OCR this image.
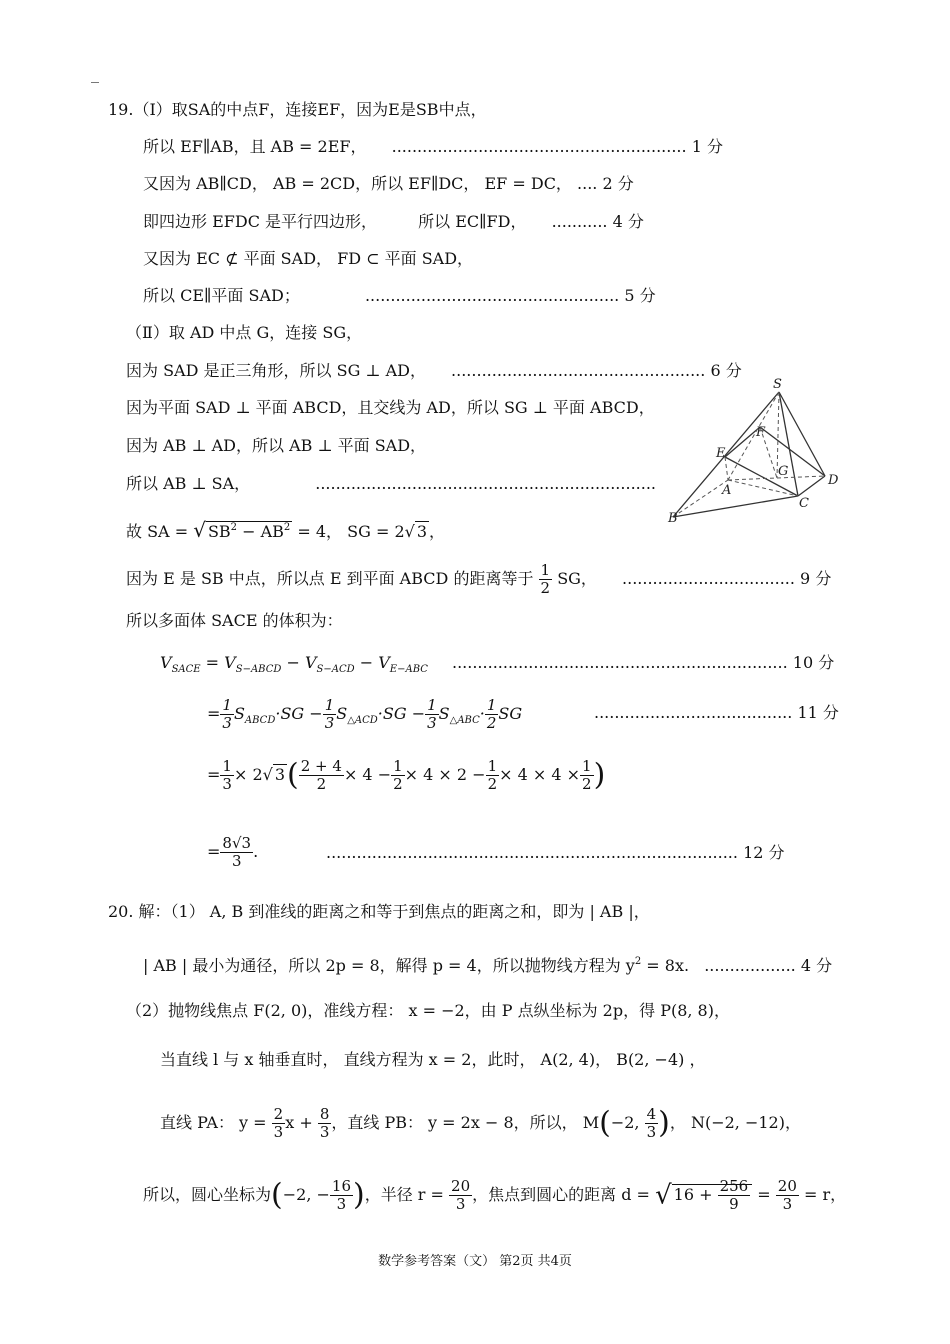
19.（Ⅰ）取SA的中点F，连接EF，因为E是SB中点，
所以 EF∥AB，且 AB = 2EF， .......................................................... 1 分
又因为 AB∥CD， AB = 2CD，所以 EF∥DC， EF = DC， .... 2 分
即四边形 EFDC 是平行四边形，	所以 EC∥FD， ........... 4 分
又因为 EC ⊄ 平面 SAD， FD ⊂ 平面 SAD，
所以 CE∥平面 SAD；	.................................................. 5 分
（Ⅱ）取 AD 中点 G，连接 SG，
因为 SAD 是正三角形，所以 SG ⊥ AD， .................................................. 6 分
因为平面 SAD ⊥ 平面 ABCD，且交线为 AD，所以 SG ⊥ 平面 ABCD，
因为 AB ⊥ AD，所以 AB ⊥ 平面 SAD，
所以 AB ⊥ SA，	...................................................................
故 SA = √ $SB^2 - AB^2 = 4$， SG = 2√ 3 ，
因为 E 是 SB 中点，所以点 E 到平面 ABCD 的距离等于 $\frac{1}{2}$ SG， .................................. 9 分
所以多面体 SACE 的体积为：
$V_{SACE} = V_{S-ABCD} - V_{S-ACD} - V_{E-ABC}$ .................................................................. 10 分
= $\frac{1}{3} S_{ABCD}\cdot SG - \frac{1}{3} S_{\triangle ACD}\cdot SG - \frac{1}{3} S_{\triangle ABC}\cdot \frac{1}{2}$ SG	....................................... 11 分
= $\frac{1}{3} \times 2√$ $3( \frac{2 + 4}{2} \times 4 - \frac{1}{2} \times 4 \times 2 - \frac{1}{2} \times 4 \times 4 \times \frac{1}{2}$ )
= $\frac{8√3}{3}$ .	................................................................................. 12 分
S
F
E
G
D
A
C
B
20. 解：（1） A, B 到准线的距离之和等于到焦点的距离之和，即为 | AB |，
| AB | 最小为通径，所以 2p = 8，解得 p = 4，所以抛物线方程为 $y^2 = 8x$. .................. 4 分
（2）抛物线焦点 F(2, 0)，准线方程： x = −2，由 P 点纵坐标为 2p，得 P(8, 8)，
当直线 l 与 x 轴垂直时， 直线方程为 x = 2，此时， A(2, 4)， B(2, −4) ，
直线 PA： $y = \frac{2}{3}$ $x + \frac{8}{3}$ ，直线 PB： y = 2x − 8，所以， M(−2, $\frac{4}{3}$ )， N(−2, −12)，
所以，圆心坐标为(−2, − $\frac{16}{3}$ )，半径 $r = \frac{20}{3}$ ，焦点到圆心的距离 d = √ $16 + \frac{256}{9} = \frac{20}{3} = r$，
数学参考答案（文） 第2页 共4页
